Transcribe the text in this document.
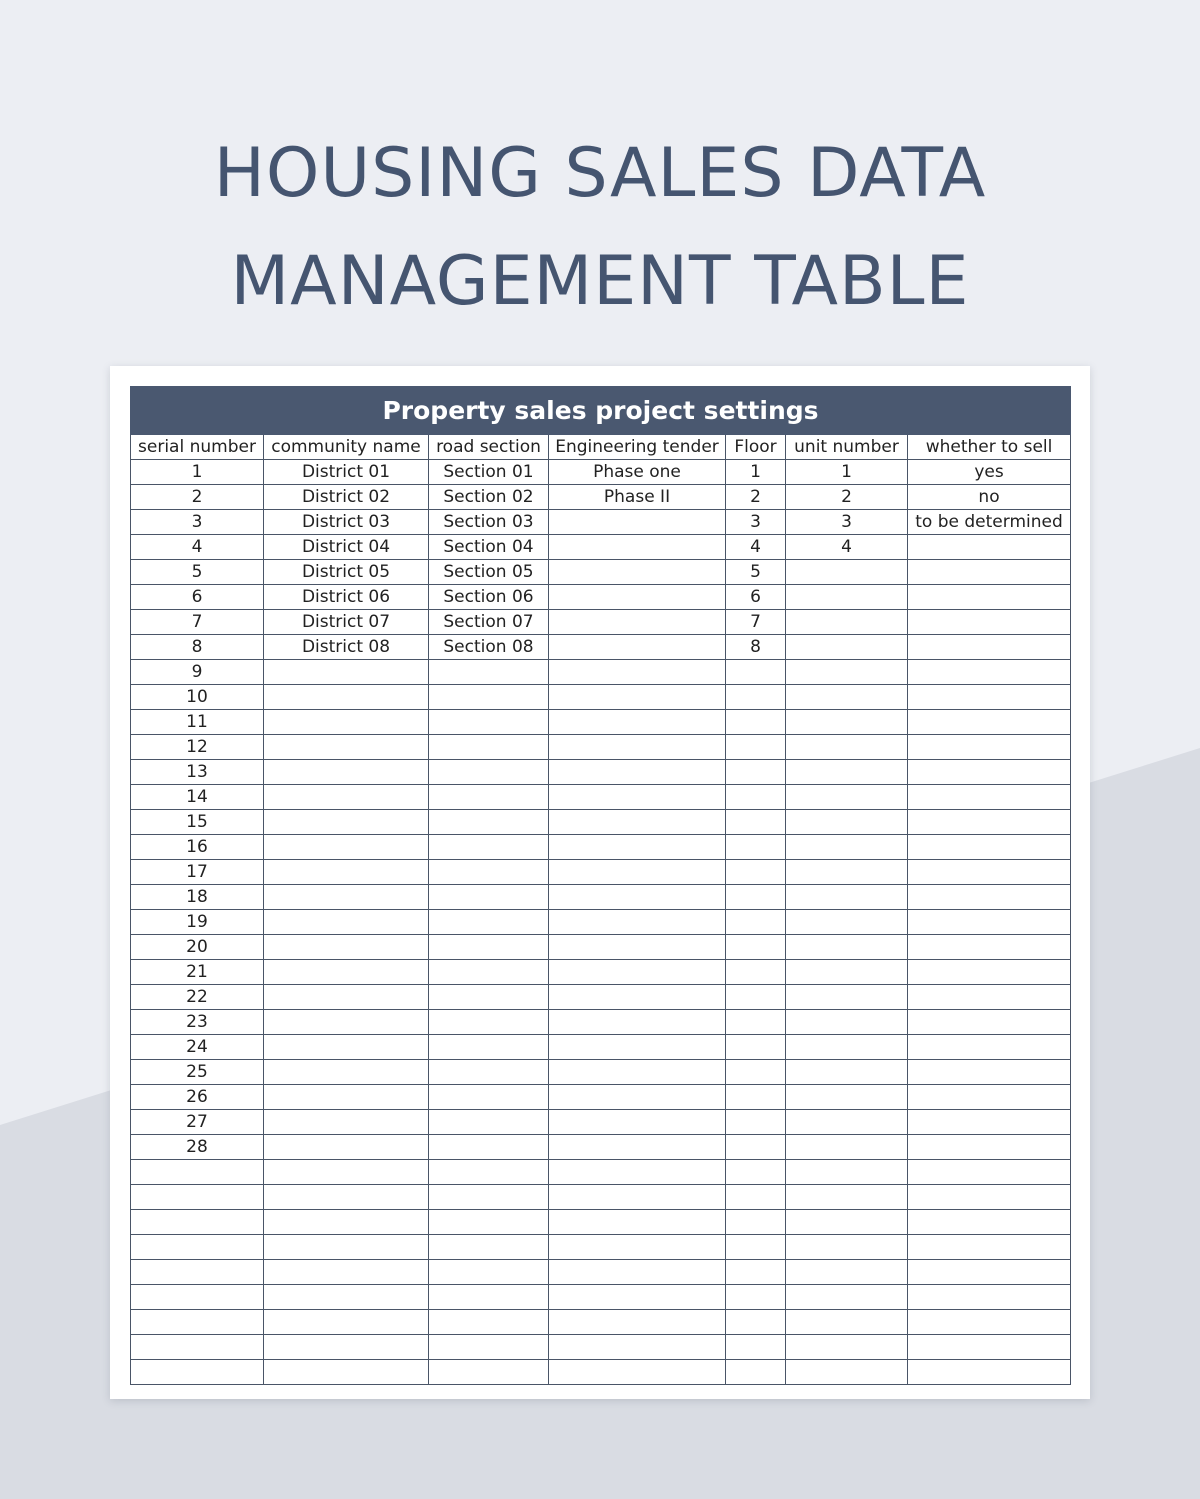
HOUSING SALES DATA
MANAGEMENT TABLE
Property sales project settings						
serial number	community name	road section	Engineering tender	Floor	unit number	whether to sell
1	District 01	Section 01	Phase one	1	1	yes
2	District 02	Section 02	Phase II	2	2	no
3	District 03	Section 03		3	3	to be determined
4	District 04	Section 04		4	4	
5	District 05	Section 05		5		
6	District 06	Section 06		6		
7	District 07	Section 07		7		
8	District 08	Section 08		8		
9						
10						
11						
12						
13						
14						
15						
16						
17						
18						
19						
20						
21						
22						
23						
24						
25						
26						
27						
28						
